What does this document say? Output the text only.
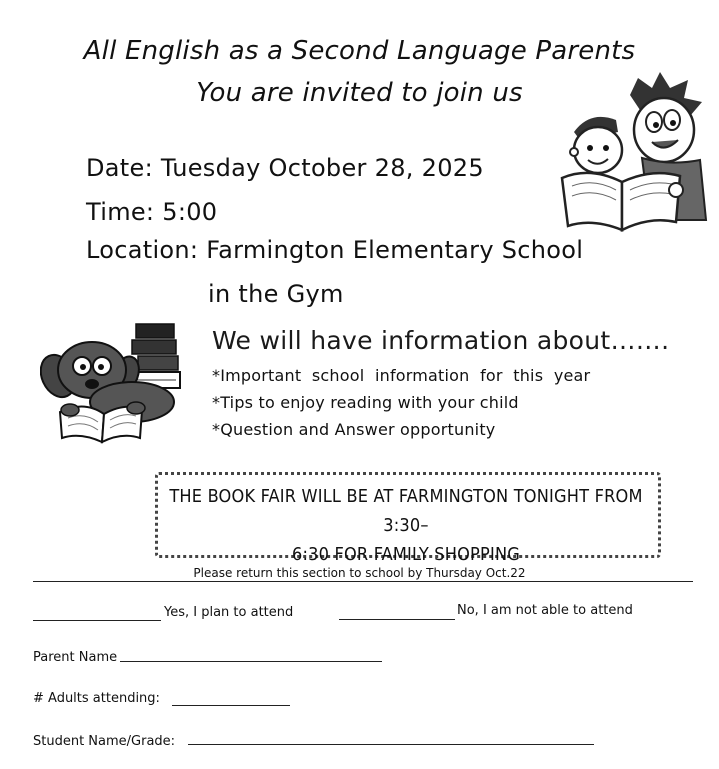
All English as a Second Language Parents
You are invited to join us
Date: Tuesday October 28, 2025
Time: 5:00
Location: Farmington Elementary School
in the Gym
We will have information about…….
*Important  school  information  for  this  year
*Tips to enjoy reading with your child
*Question and Answer opportunity
THE BOOK FAIR WILL BE AT FARMINGTON TONIGHT FROM 3:30–
6:30 FOR FAMILY SHOPPING
Please return this section to school by Thursday Oct.22
Yes, I plan to attend	No, I am not able to attend
Parent Name
# Adults attending:
Student Name/Grade:
